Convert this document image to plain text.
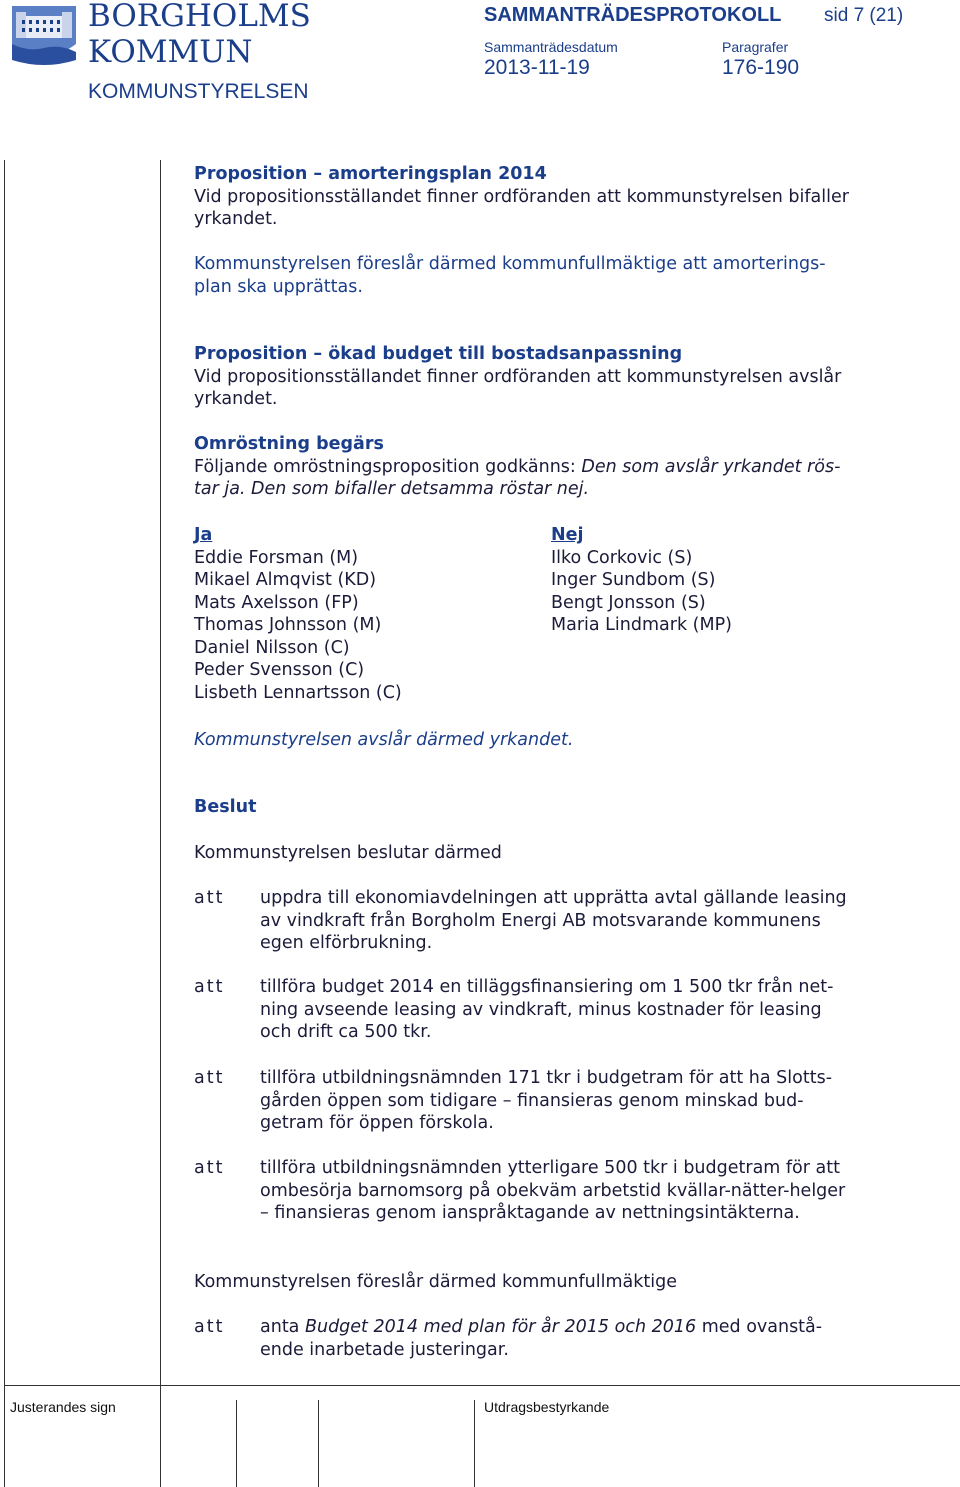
BORGHOLMS
KOMMUN
KOMMUNSTYRELSEN
SAMMANTRÄDESPROTOKOLL sid 7 (21)
Sammanträdesdatum
2013-11-19
Paragrafer
176-190

Proposition – amorteringsplan 2014

Vid propositionsställandet finner ordföranden att kommunstyrelsen bifaller

yrkandet.

Kommunstyrelsen föreslår därmed kommunfullmäktige att amorterings-

plan ska upprättas.

Proposition – ökad budget till bostadsanpassning

Vid propositionsställandet finner ordföranden att kommunstyrelsen avslår

yrkandet.

Omröstning begärs

Följande omröstningsproposition godkänns: Den som avslår yrkandet rös-

tar ja. Den som bifaller detsamma röstar nej.

Ja
Eddie Forsman (M)
Mikael Almqvist (KD)
Mats Axelsson (FP)
Thomas Johnsson (M)
Daniel Nilsson (C)
Peder Svensson (C)
Lisbeth Lennartsson (C)
Nej
Ilko Corkovic (S)
Inger Sundbom (S)
Bengt Jonsson (S)
Maria Lindmark (MP)

Kommunstyrelsen avslår därmed yrkandet.

Beslut

Kommunstyrelsen beslutar därmed

att uppdra till ekonomiavdelningen att upprätta avtal gällande leasing
av vindkraft från Borgholm Energi AB motsvarande kommunens
egen elförbrukning.
att tillföra budget 2014 en tilläggsfinansiering om 1 500 tkr från net-
ning avseende leasing av vindkraft, minus kostnader för leasing
och drift ca 500 tkr.
att tillföra utbildningsnämnden 171 tkr i budgetram för att ha Slotts-
gården öppen som tidigare – finansieras genom minskad bud-
getram för öppen förskola.
att tillföra utbildningsnämnden ytterligare 500 tkr i budgetram för att
ombesörja barnomsorg på obekväm arbetstid kvällar-nätter-helger
– finansieras genom ianspråktagande av nettningsintäkterna.

Kommunstyrelsen föreslår därmed kommunfullmäktige

att anta Budget 2014 med plan för år 2015 och 2016 med ovanstå-
ende inarbetade justeringar.
Justerandes sign	Utdragsbestyrkande
